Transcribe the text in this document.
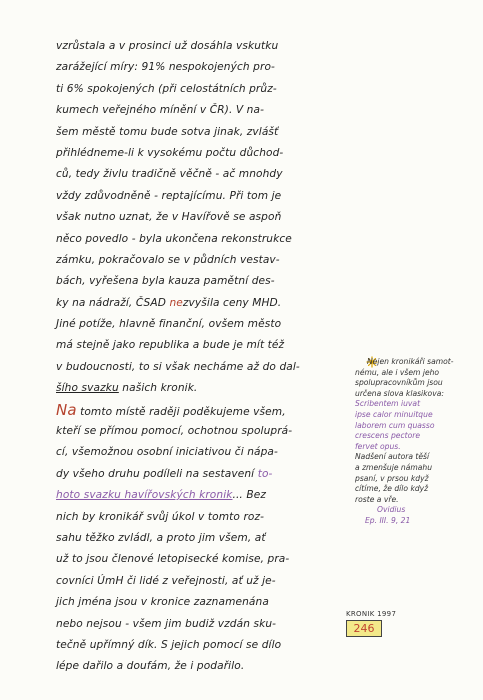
vzrůstala a v prosinci už dosáhla vskutku
zarážející míry: 91% nespokojených pro-
ti 6% spokojených (při celostátních průz-
kumech veřejného mínění v ČR). V na-
šem městě tomu bude sotva jinak, zvlášť
přihlédneme-li k vysokému počtu důchod-
ců, tedy živlu tradičně věčně - ač mnohdy
vždy zdůvodněně - reptajícímu. Při tom je
však nutno uznat, že v Havířově se aspoň
něco povedlo - byla ukončena rekonstrukce
zámku, pokračovalo se v půdních vestav-
bách, vyřešena byla kauza pamětní des-
ky na nádraží, ČSAD nezvyšila ceny MHD.
Jiné potíže, hlavně finanční, ovšem město
má stejně jako republika a bude je mít též
v budoucnosti, to si však necháme až do dal-
šího svazku našich kronik.
Na tomto místě raději poděkujeme všem,
kteří se přímou pomocí, ochotnou spoluprá-
cí, všemožnou osobní iniciativou či nápa-
dy všeho druhu podíleli na sestavení to-
hoto svazku havířovských kronik... Bez
nich by kronikář svůj úkol v tomto roz-
sahu těžko zvládl, a proto jim všem, ať
už to jsou členové letopisecké komise, pra-
covníci ÚmH či lidé z veřejnosti, ať už je-
jich jména jsou v kronice zaznamenána
nebo nejsou - všem jim budiž vzdán sku-
tečně upřímný dík. S jejich pomocí se dílo
lépe dařilo a doufám, že i podařilo.
Nejen kronikáři samot-
nému, ale i všem jeho
spolupracovníkům jsou
určena slova klasikova:
Scribentem iuvat
ipse calor minuitque
laborem cum quasso
crescens pectore
fervet opus.
Nadšení autora těší
a zmenšuje námahu
psaní, v prsou když
cítíme, že dílo když
roste a vře.
Ovidius
Ep. III. 9, 21
KRONIK 1997
246
